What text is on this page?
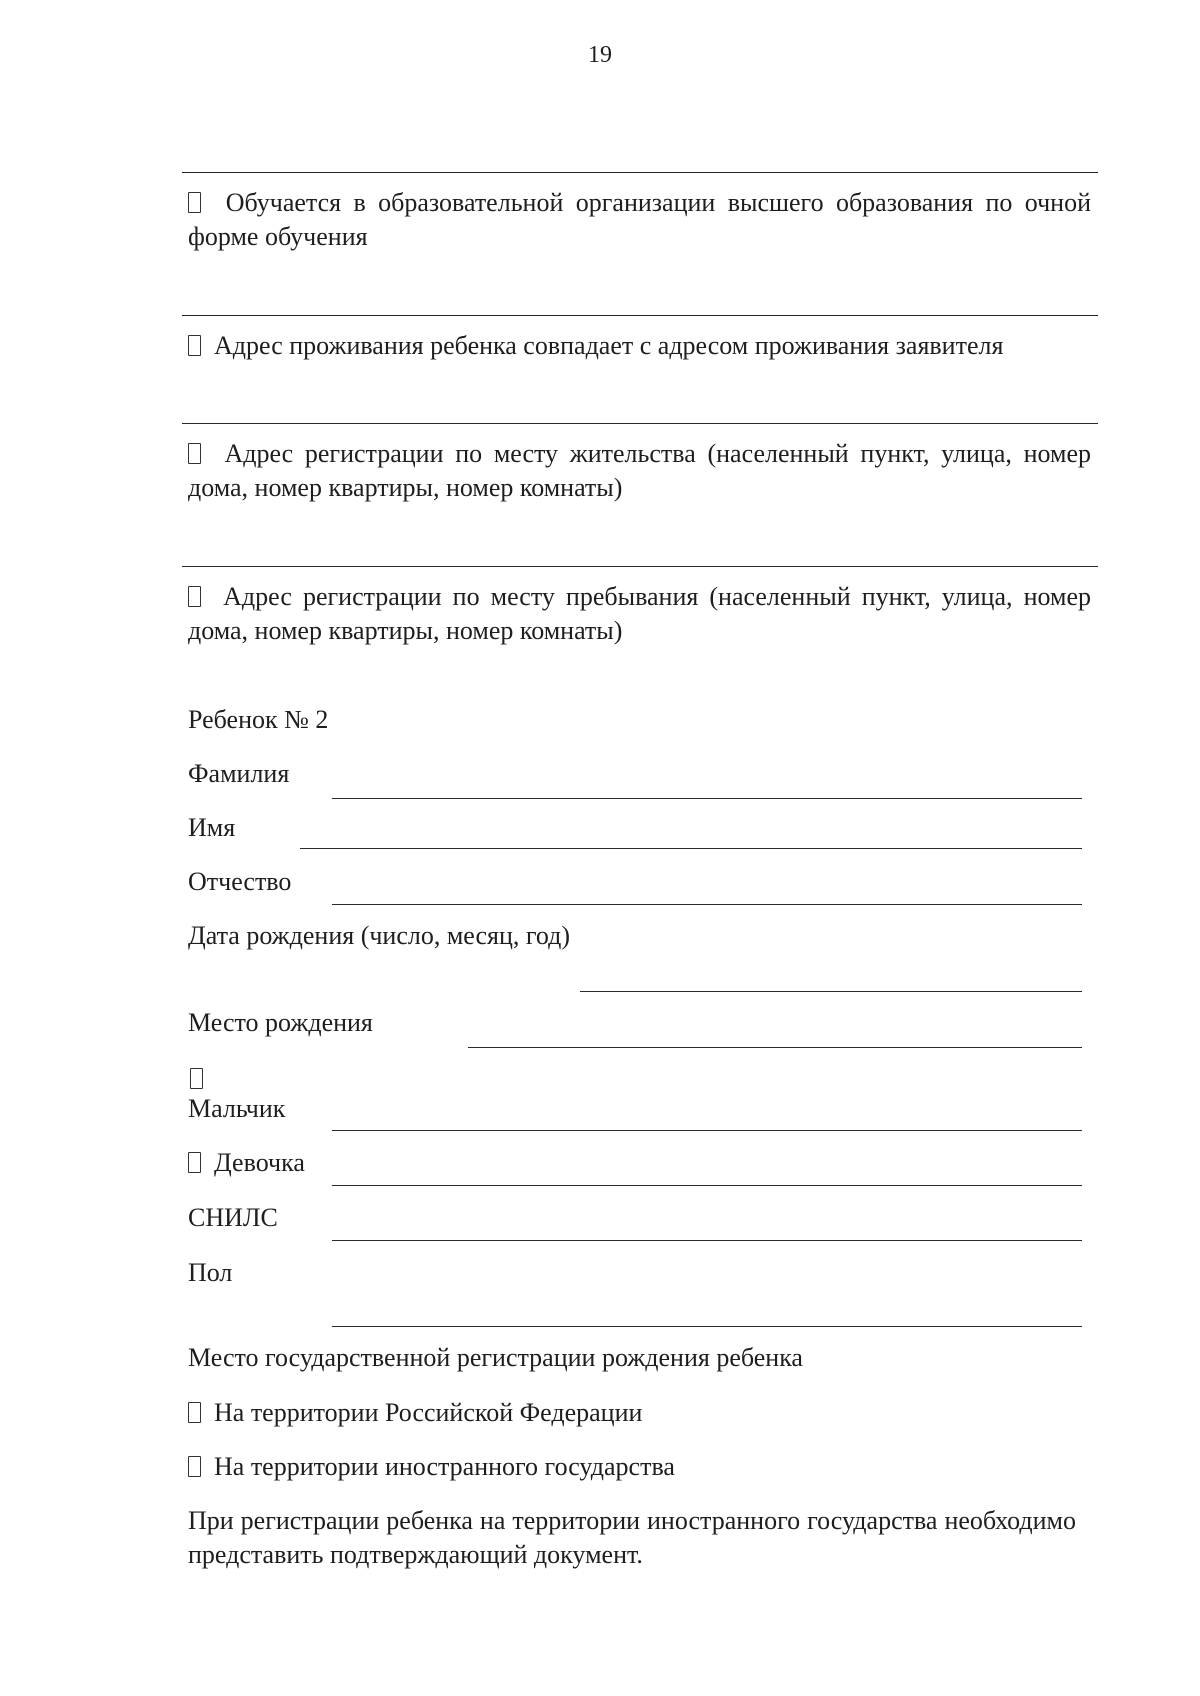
19
Обучается в образовательной организации высшего образования по очной форме обучения
Адрес проживания ребенка совпадает с адресом проживания заявителя
Адрес регистрации по месту жительства (населенный пункт, улица, номер дома, номер квартиры, номер комнаты)
Адрес регистрации по месту пребывания (населенный пункт, улица, номер дома, номер квартиры, номер комнаты)
Ребенок № 2
Фамилия
Имя
Отчество
Дата рождения (число, месяц, год)
Место рождения
Мальчик
Девочка
СНИЛС
Пол
Место государственной регистрации рождения ребенка
На территории Российской Федерации
На территории иностранного государства
При регистрации ребенка на территории иностранного государства необходимо представить подтверждающий документ.
